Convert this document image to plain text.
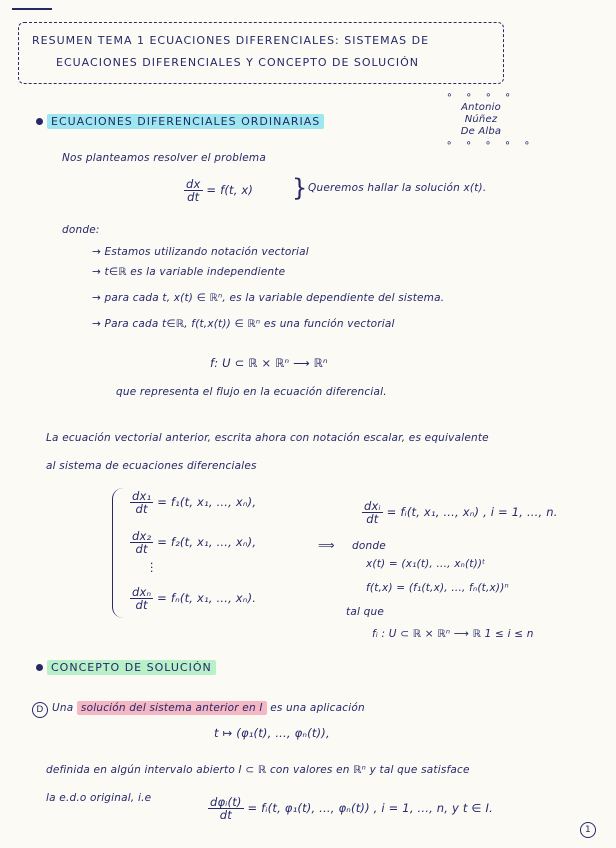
RESUMEN TEMA 1 ECUACIONES DIFERENCIALES: SISTEMAS DE
ECUACIONES DIFERENCIALES Y CONCEPTO DE SOLUCIÓN
∘ ∘ ∘ ∘
Antonio
Núñez
De Alba
∘ ∘ ∘ ∘ ∘
ECUACIONES DIFERENCIALES ORDINARIAS
Nos planteamos resolver el problema
$\frac{dx}{dt} = f(t$, x) } Queremos hallar la solución x(t).
donde:
→ Estamos utilizando notación vectorial
→ t∈ℝ es la variable independiente
→ para cada t, x(t) ∈ ℝⁿ, es la variable dependiente del sistema.
→ Para cada t∈ℝ, f(t,x(t)) ∈ ℝⁿ es una función vectorial
f: U ⊂ ℝ × ℝⁿ ⟶ ℝⁿ
que representa el flujo en la ecuación diferencial.
La ecuación vectorial anterior, escrita ahora con notación escalar, es equivalente
al sistema de ecuaciones diferenciales
$\frac{\text{dx₁}}{dt} = f_1(t$, x₁, ..., xₙ),
$\frac{\text{dx₂}}{dt} = f_2(t$, x₁, ..., xₙ),
⋮
$\frac{\text{dxₙ}}{dt} = f_n(t$, x₁, ..., xₙ).
$\frac{\text{dxᵢ}}{dt}$ = fᵢ(t, x₁, ..., xₙ) , i = 1, ..., n.
⟹ donde
x(t) = (x₁(t), ..., xₙ(t))ᵗ
f(t,x) = (f₁(t,x), ..., fₙ(t,x))ⁿ
tal que
fᵢ : U ⊂ ℝ × ℝⁿ ⟶ ℝ 1 ≤ i ≤ n
CONCEPTO DE SOLUCIÓN
D Una solución del sistema anterior en I es una aplicación
t ↦ (φ₁(t), ..., φₙ(t)),
definida en algún intervalo abierto I ⊂ ℝ con valores en ℝⁿ y tal que satisface
la e.d.o original, i.e	$\frac{\text{dφᵢ(t)}}{dt}$ = fᵢ(t, φ₁(t), ..., φₙ(t)) , i = 1, ..., n, y t ∈ I.
1
